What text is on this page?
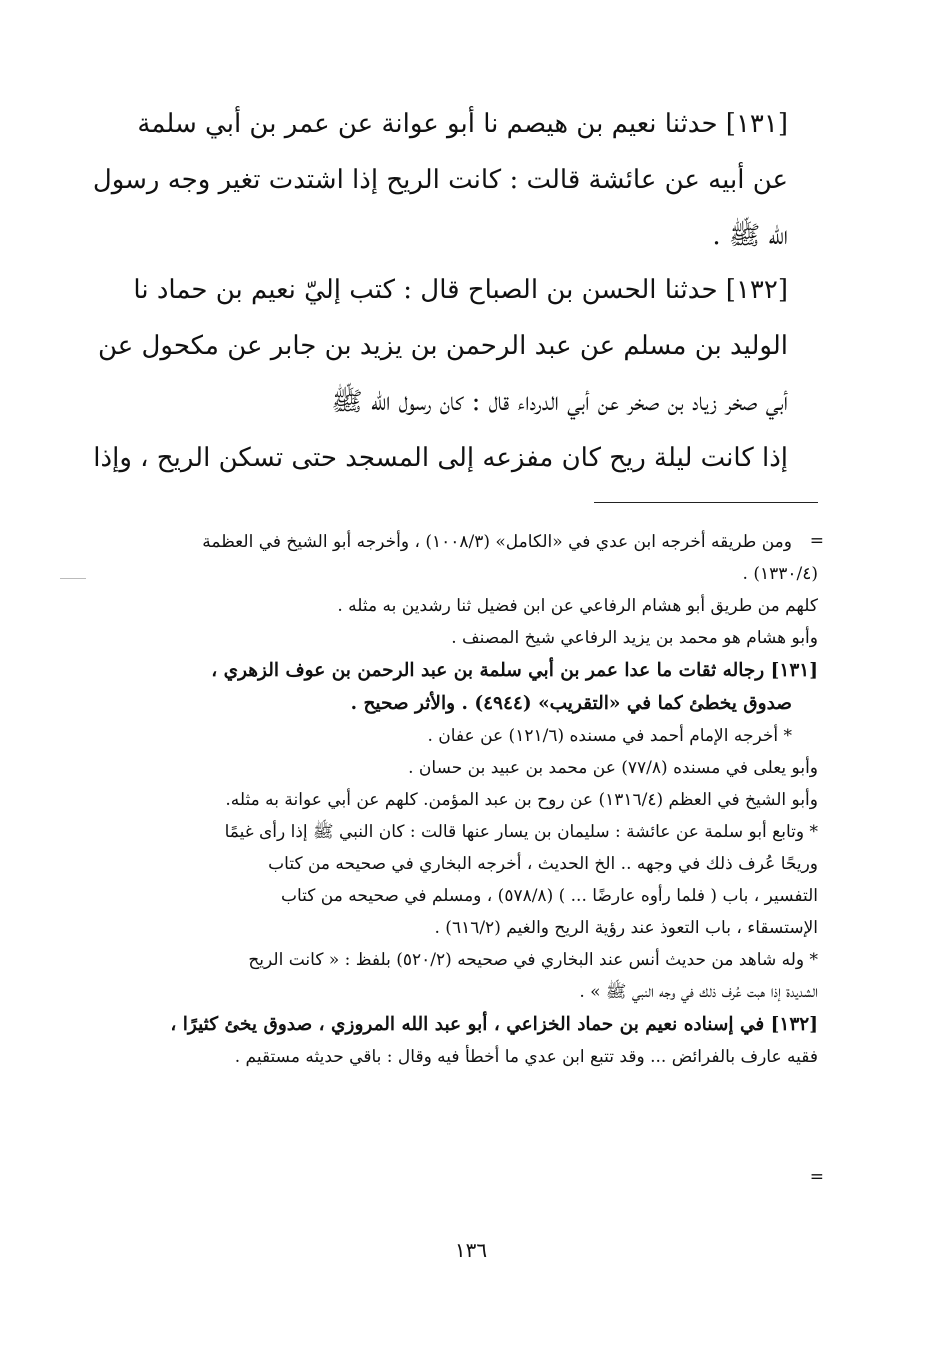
[١٣١] حدثنا نعيم بن هيصم نا أبو عوانة عن عمر بن أبي سلمة
عن أبيه عن عائشة قالت : كانت الريح إذا اشتدت تغير وجه رسول
الله ﷺ .
[١٣٢] حدثنا الحسن بن الصباح قال : كتب إليّ نعيم بن حماد نا
الوليد بن مسلم عن عبد الرحمن بن يزيد بن جابر عن مكحول عن
أبي صخر زياد بن صخر عن أبي الدرداء قال : كان رسول الله ﷺ
إذا كانت ليلة ريح كان مفزعه إلى المسجد حتى تسكن الريح ، وإذا
=
ومن طريقه أخرجه ابن عدي في «الكامل» (١٠٠٨/٣) ، وأخرجه أبو الشيخ في العظمة
(١٣٣٠/٤) .
كلهم من طريق أبو هشام الرفاعي عن ابن فضيل ثنا رشدين به مثله .
وأبو هشام هو محمد بن يزيد الرفاعي شيخ المصنف .
[١٣١] رجاله ثقات ما عدا عمر بن أبي سلمة بن عبد الرحمن بن عوف الزهري ،
صدوق يخطئ كما في «التقريب» (٤٩٤٤) . والأثر صحيح .
* أخرجه الإمام أحمد في مسنده (١٢١/٦) عن عفان .
وأبو يعلى في مسنده (٧٧/٨) عن محمد بن عبيد بن حسان .
وأبو الشيخ في العظم (١٣١٦/٤) عن روح بن عبد المؤمن. كلهم عن أبي عوانة به مثله.
* وتابع أبو سلمة عن عائشة : سليمان بن يسار عنها قالت : كان النبي ﷺ إذا رأى غيمًا
وريحًا عُرف ذلك في وجهه .. الخ الحديث ، أخرجه البخاري في صحيحه من كتاب
التفسير ، باب ( فلما رأوه عارضًا ... ) (٥٧٨/٨) ، ومسلم في صحيحه من كتاب
الإستسقاء ، باب التعوذ عند رؤية الريح والغيم (٦١٦/٢) .
* وله شاهد من حديث أنس عند البخاري في صحيحه (٥٢٠/٢) بلفظ : « كانت الريح
الشديدة إذا هبت عُرف ذلك في وجه النبي ﷺ » .
[١٣٢] في إسناده نعيم بن حماد الخزاعي ، أبو عبد الله المروزي ، صدوق يخئ كثيرًا ،
فقيه عارف بالفرائض ... وقد تتبع ابن عدي ما أخطأ فيه وقال : باقي حديثه مستقيم .
=
١٣٦
